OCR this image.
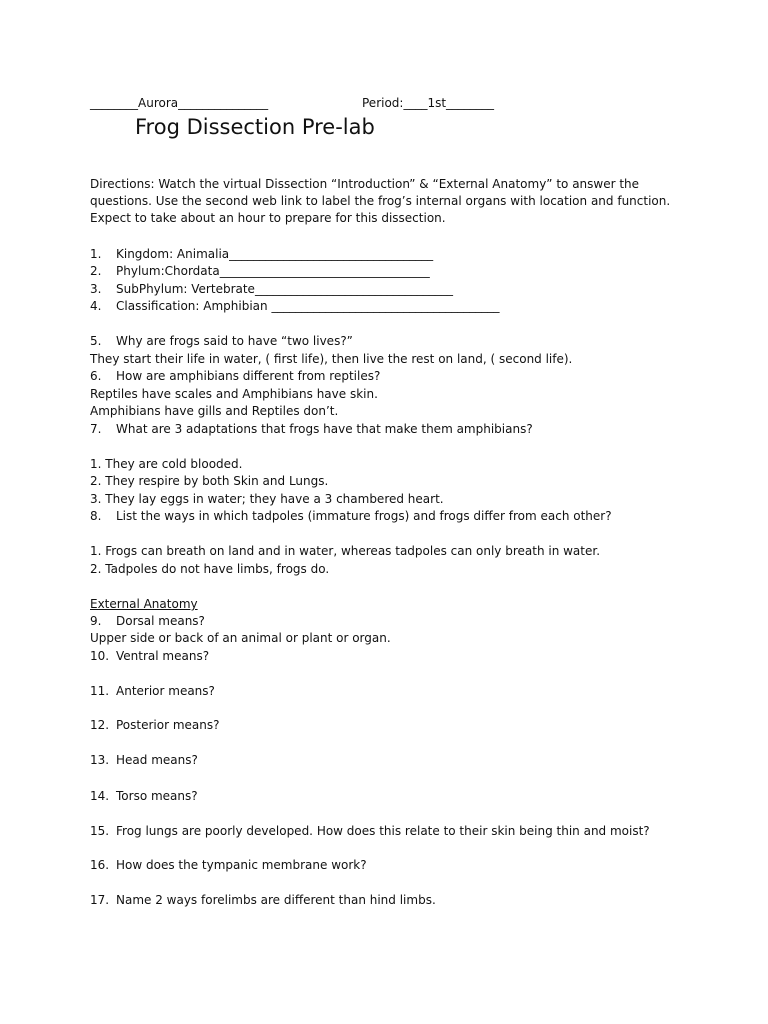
________Aurora_______________	Period:____1st________
Frog Dissection Pre-lab
Directions: Watch the virtual Dissection “Introduction” & “External Anatomy” to answer the
questions. Use the second web link to label the frog’s internal organs with location and function.
Expect to take about an hour to prepare for this dissection.
1. Kingdom: Animalia__________________________________
2. Phylum:Chordata___________________________________
3. SubPhylum: Vertebrate_________________________________
4. Classification: Amphibian ______________________________________
5. Why are frogs said to have “two lives?”
They start their life in water, ( first life), then live the rest on land, ( second life).
6. How are amphibians different from reptiles?
Reptiles have scales and Amphibians have skin.
Amphibians have gills and Reptiles don’t.
7. What are 3 adaptations that frogs have that make them amphibians?
1. They are cold blooded.
2. They respire by both Skin and Lungs.
3. They lay eggs in water; they have a 3 chambered heart.
8. List the ways in which tadpoles (immature frogs) and frogs differ from each other?
1. Frogs can breath on land and in water, whereas tadpoles can only breath in water.
2. Tadpoles do not have limbs, frogs do.
External Anatomy
9. Dorsal means?
Upper side or back of an animal or plant or organ.
10. Ventral means?
11. Anterior means?
12. Posterior means?
13. Head means?
14. Torso means?
15. Frog lungs are poorly developed. How does this relate to their skin being thin and moist?
16. How does the tympanic membrane work?
17. Name 2 ways forelimbs are different than hind limbs.
